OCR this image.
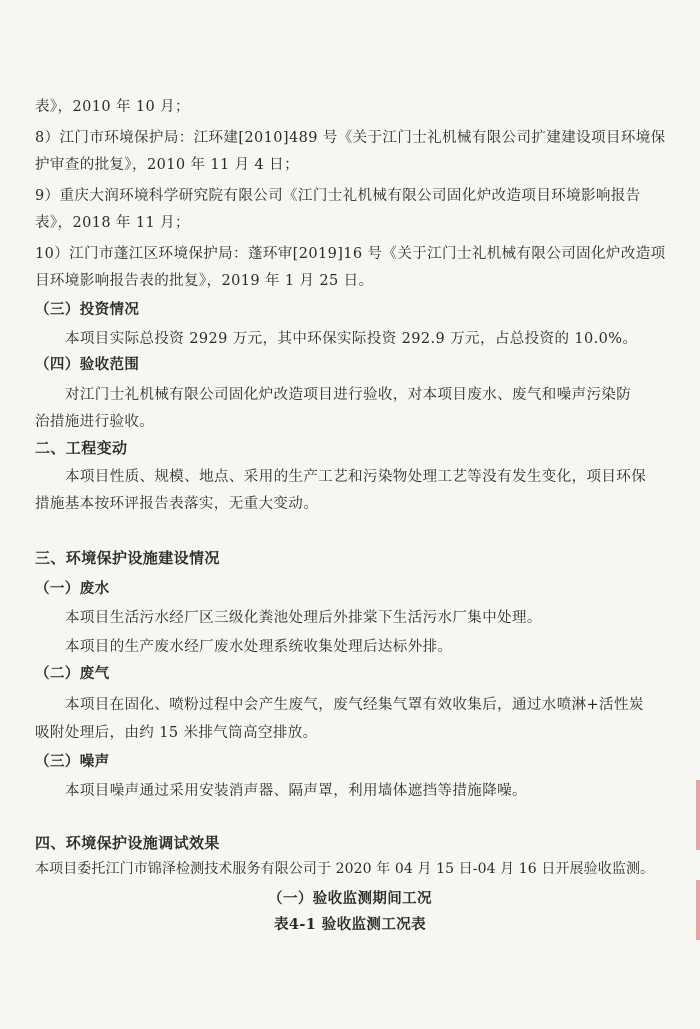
表》，2010 年 10 月；
8）江门市环境保护局：江环建[2010]489 号《关于江门士礼机械有限公司扩建建设项目环境保
护审查的批复》，2010 年 11 月 4 日；
9）重庆大润环境科学研究院有限公司《江门士礼机械有限公司固化炉改造项目环境影响报告
表》，2018 年 11 月；
10）江门市蓬江区环境保护局：蓬环审[2019]16 号《关于江门士礼机械有限公司固化炉改造项
目环境影响报告表的批复》，2019 年 1 月 25 日。
（三）投资情况
本项目实际总投资 2929 万元，其中环保实际投资 292.9 万元，占总投资的 10.0%。
（四）验收范围
对江门士礼机械有限公司固化炉改造项目进行验收，对本项目废水、废气和噪声污染防
治措施进行验收。
二、工程变动
本项目性质、规模、地点、采用的生产工艺和污染物处理工艺等没有发生变化，项目环保
措施基本按环评报告表落实，无重大变动。
三、环境保护设施建设情况
（一）废水
本项目生活污水经厂区三级化粪池处理后外排棠下生活污水厂集中处理。
本项目的生产废水经厂废水处理系统收集处理后达标外排。
（二）废气
本项目在固化、喷粉过程中会产生废气，废气经集气罩有效收集后，通过水喷淋+活性炭
吸附处理后，由约 15 米排气筒高空排放。
（三）噪声
本项目噪声通过采用安装消声器、隔声罩，利用墙体遮挡等措施降噪。
四、环境保护设施调试效果
本项目委托江门市锦泽检测技术服务有限公司于 2020 年 04 月 15 日-04 月 16 日开展验收监测。
（一）验收监测期间工况
表4-1 验收监测工况表
